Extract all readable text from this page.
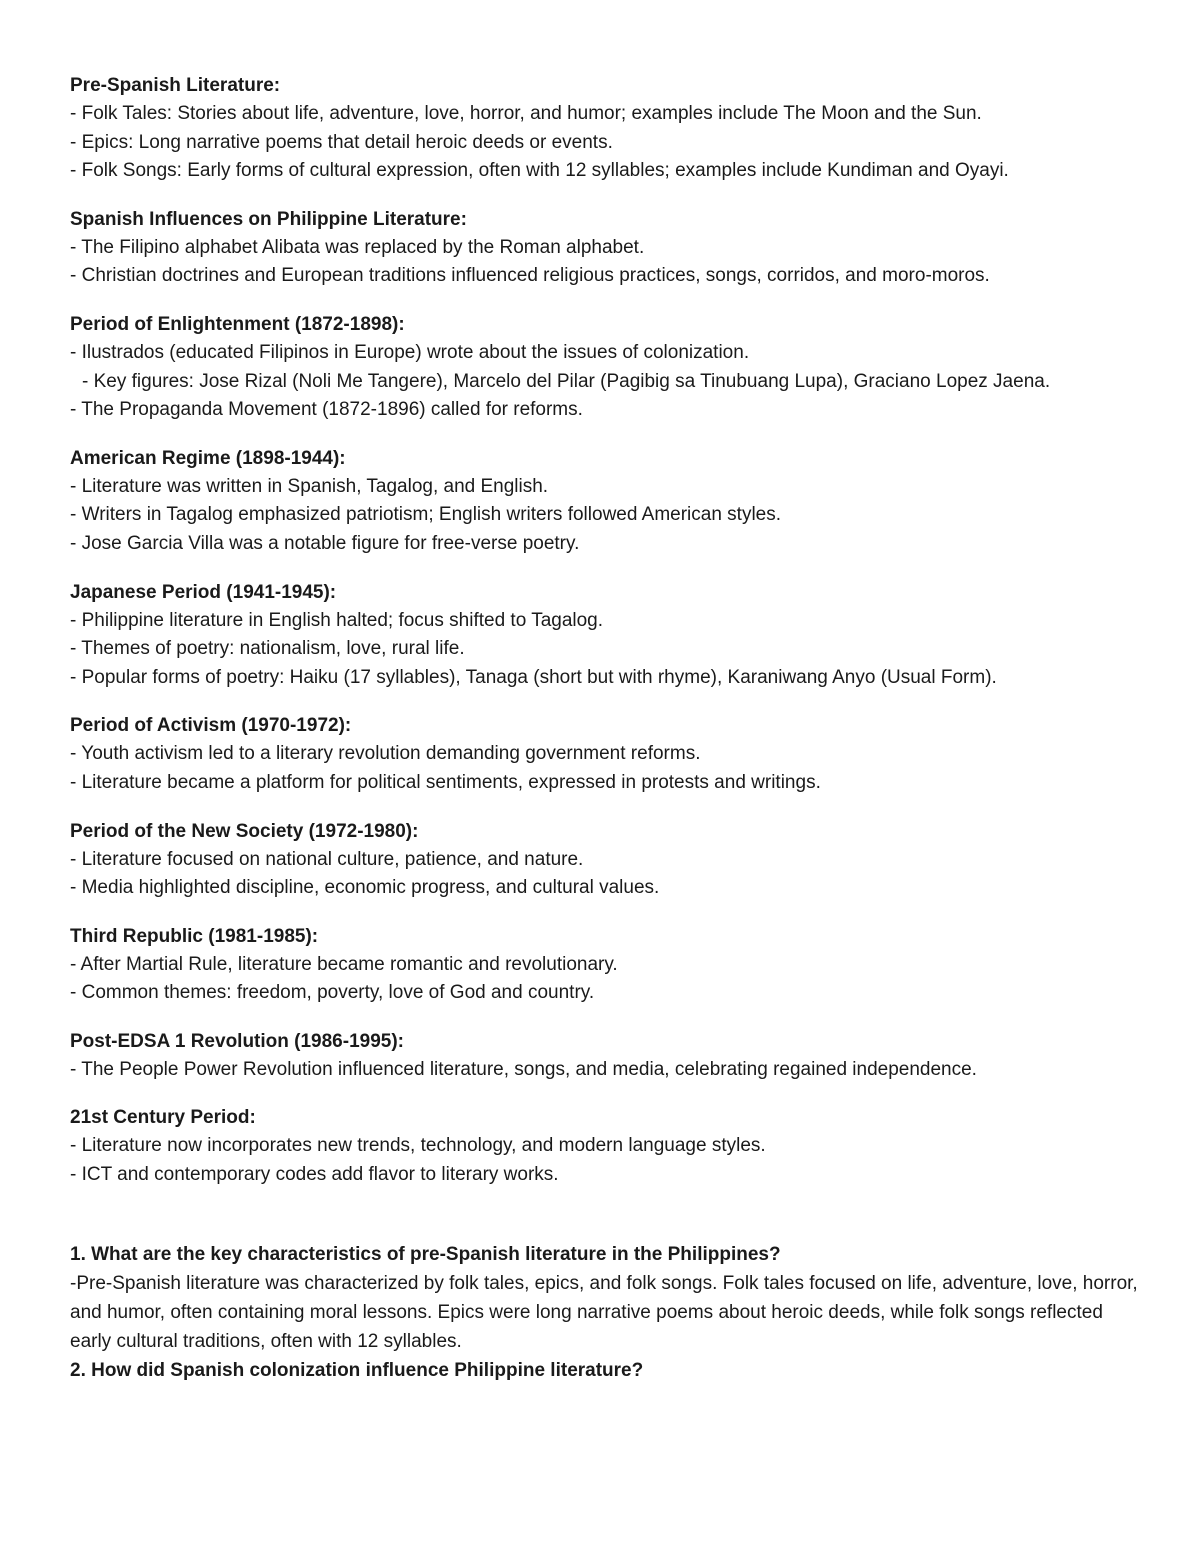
Pre-Spanish Literature:
- Folk Tales: Stories about life, adventure, love, horror, and humor; examples include The Moon and the Sun.
- Epics: Long narrative poems that detail heroic deeds or events.
- Folk Songs: Early forms of cultural expression, often with 12 syllables; examples include Kundiman and Oyayi.
Spanish Influences on Philippine Literature:
- The Filipino alphabet Alibata was replaced by the Roman alphabet.
- Christian doctrines and European traditions influenced religious practices, songs, corridos, and moro-moros.
Period of Enlightenment (1872-1898):
- Ilustrados (educated Filipinos in Europe) wrote about the issues of colonization.
- Key figures: Jose Rizal (Noli Me Tangere), Marcelo del Pilar (Pagibig sa Tinubuang Lupa), Graciano Lopez Jaena.
- The Propaganda Movement (1872-1896) called for reforms.
American Regime (1898-1944):
- Literature was written in Spanish, Tagalog, and English.
- Writers in Tagalog emphasized patriotism; English writers followed American styles.
- Jose Garcia Villa was a notable figure for free-verse poetry.
Japanese Period (1941-1945):
- Philippine literature in English halted; focus shifted to Tagalog.
- Themes of poetry: nationalism, love, rural life.
- Popular forms of poetry: Haiku (17 syllables), Tanaga (short but with rhyme), Karaniwang Anyo (Usual Form).
Period of Activism (1970-1972):
- Youth activism led to a literary revolution demanding government reforms.
- Literature became a platform for political sentiments, expressed in protests and writings.
Period of the New Society (1972-1980):
- Literature focused on national culture, patience, and nature.
- Media highlighted discipline, economic progress, and cultural values.
Third Republic (1981-1985):
- After Martial Rule, literature became romantic and revolutionary.
- Common themes: freedom, poverty, love of God and country.
Post-EDSA 1 Revolution (1986-1995):
- The People Power Revolution influenced literature, songs, and media, celebrating regained independence.
21st Century Period:
- Literature now incorporates new trends, technology, and modern language styles.
- ICT and contemporary codes add flavor to literary works.
1. What are the key characteristics of pre-Spanish literature in the Philippines?
-Pre-Spanish literature was characterized by folk tales, epics, and folk songs. Folk tales focused on life, adventure, love, horror, and humor, often containing moral lessons. Epics were long narrative poems about heroic deeds, while folk songs reflected early cultural traditions, often with 12 syllables.
2. How did Spanish colonization influence Philippine literature?
